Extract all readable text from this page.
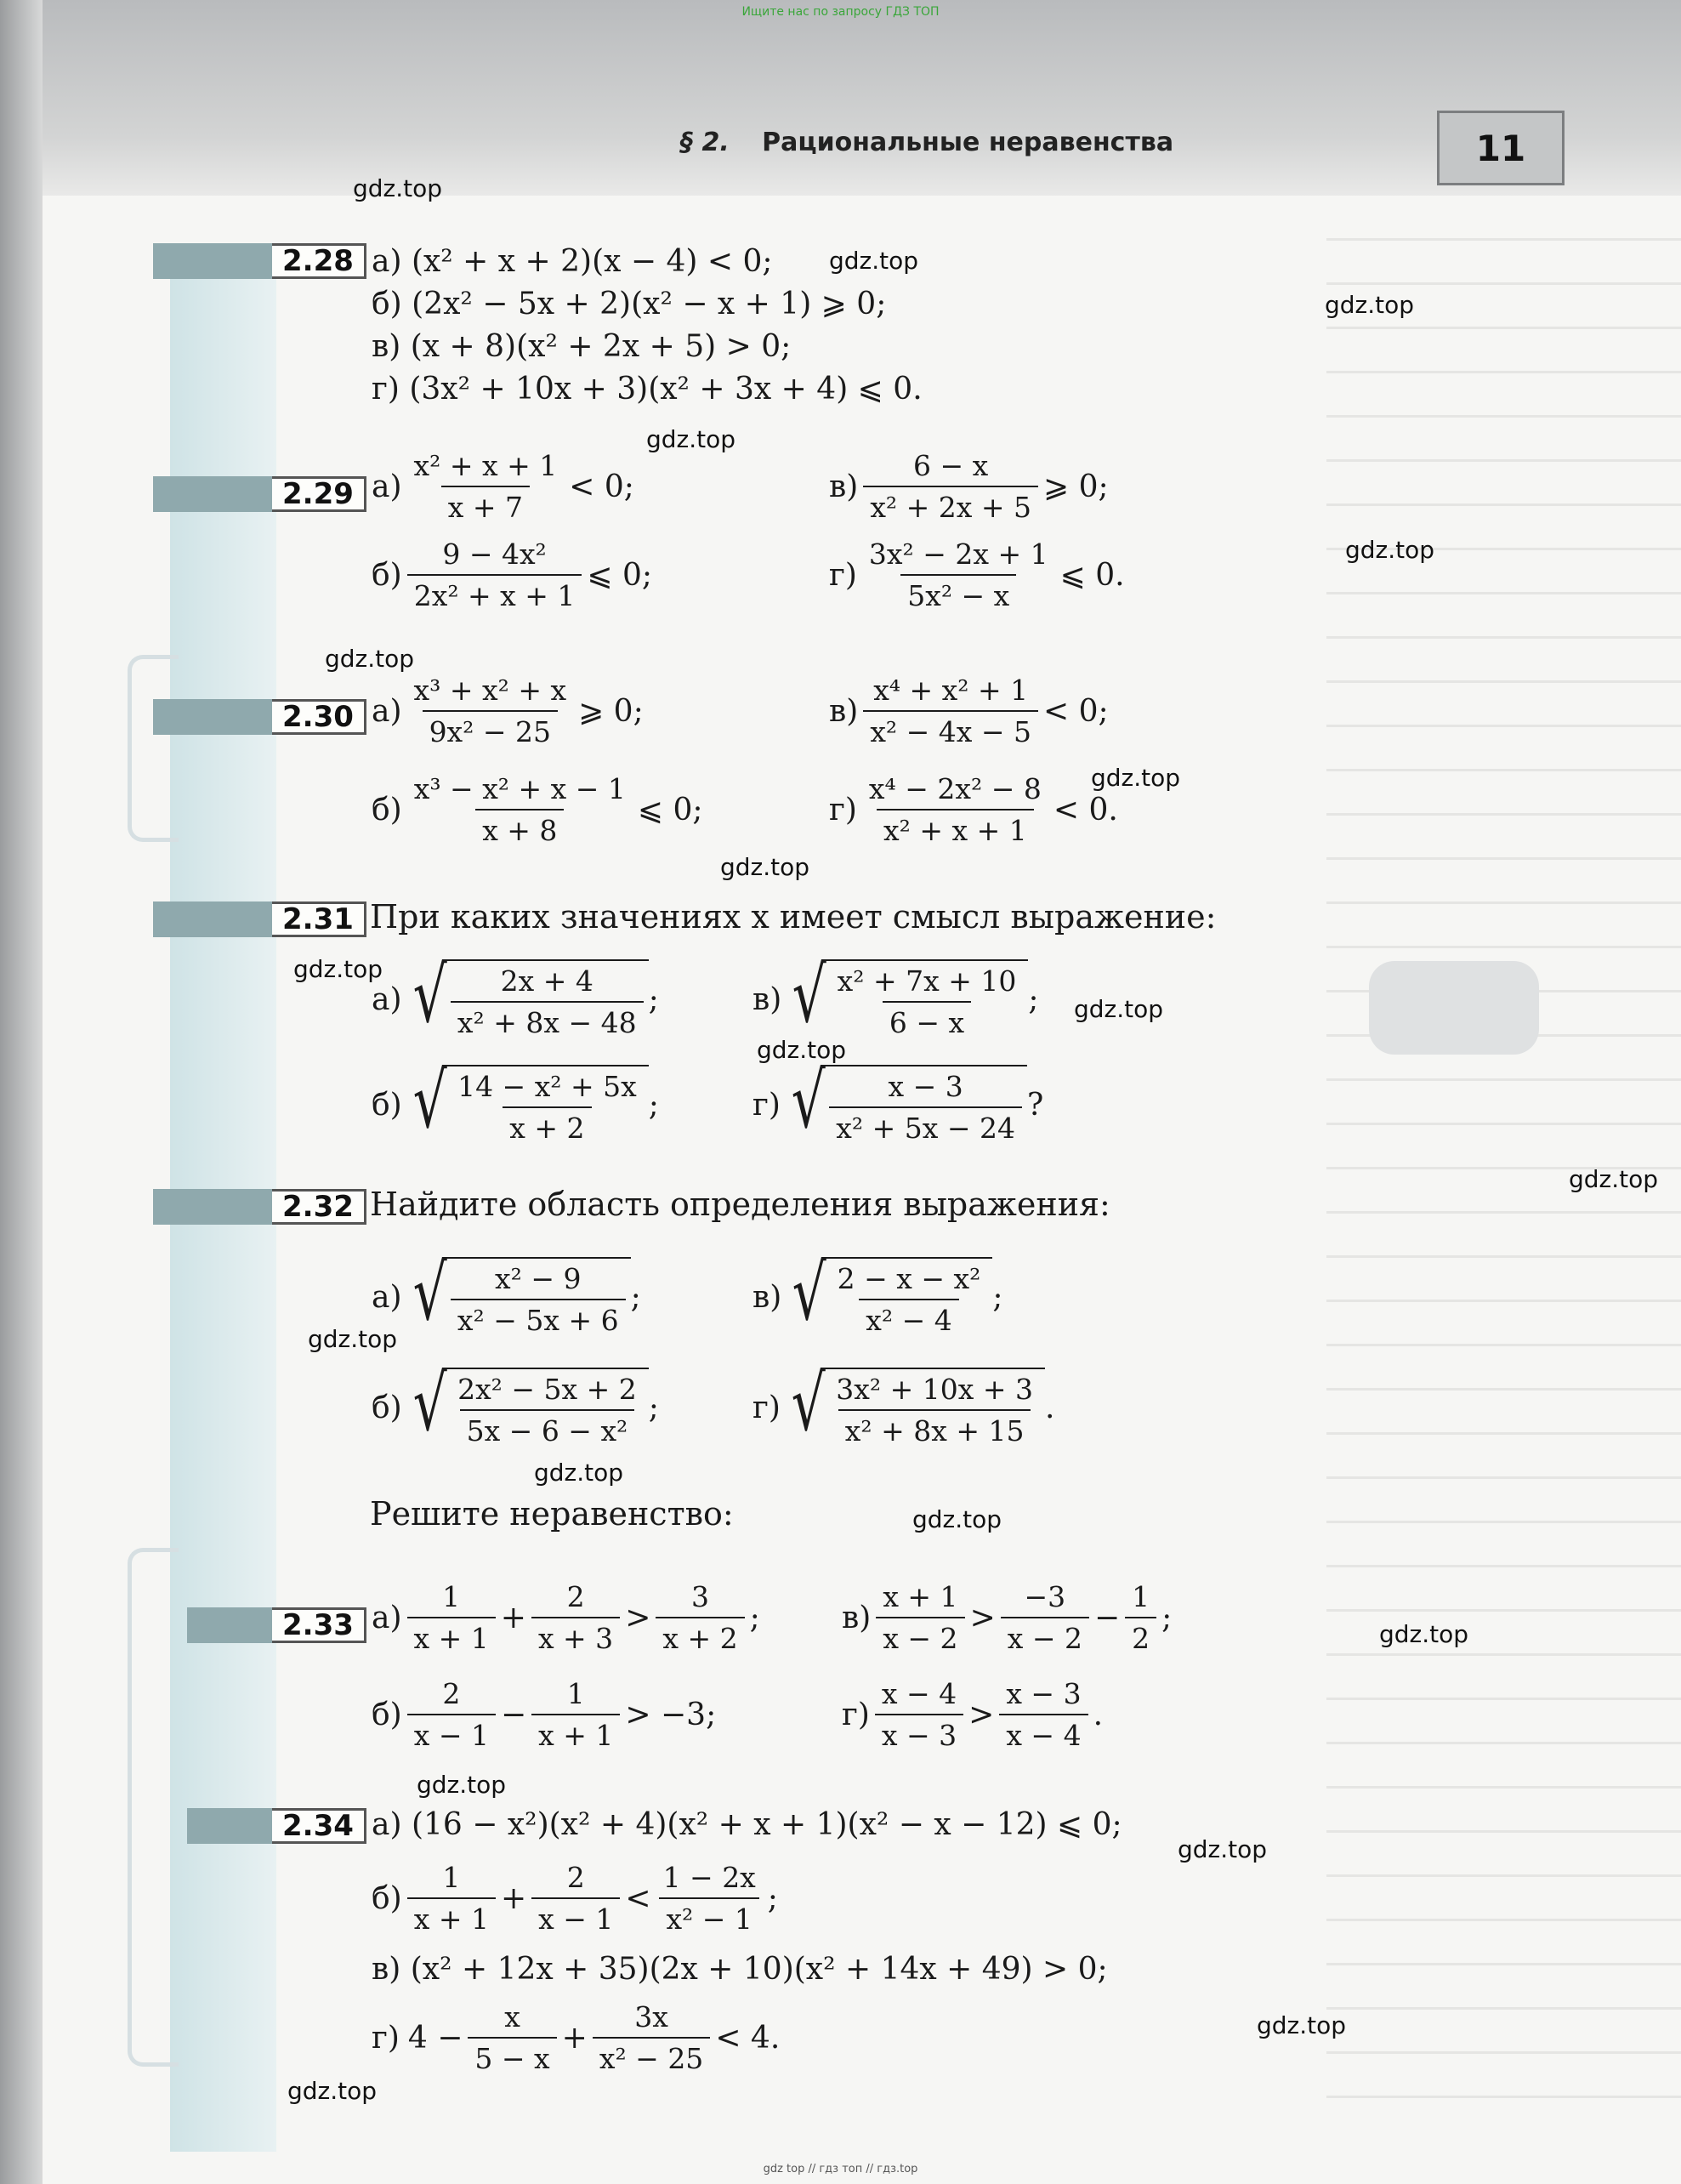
Ищите нас по запросу ГДЗ ТОП
§ 2. Рациональные неравенства	11
gdz.top
gdz.top
gdz.top
gdz.top
gdz.top
gdz.top
gdz.top
gdz.top
gdz.top
gdz.top
gdz.top
gdz.top
gdz.top
gdz.top
gdz.top
gdz.top
gdz.top
gdz.top
gdz.top
gdz.top
2.28 а) (x² + x + 2)(x − 4) < 0;
б) (2x² − 5x + 2)(x² − x + 1) ⩾ 0;
в) (x + 8)(x² + 2x + 5) > 0;
г) (3x² + 10x + 3)(x² + 3x + 4) ⩽ 0.
2.29 $а) \frac{\text{x² + x + 1}}{x + 7} < 0$;	$в) \frac{6 - x}{\text{x² + 2x + 5}}$ ⩾ 0;
$б) \frac{\text{9 − 4x²}}{\text{2x² + x + 1}}$ ⩽ 0;	$г) \frac{\text{3x² − 2x + 1}}{\text{5x² − x}}$ ⩽ 0.
2.30 $а) \frac{\text{x³ + x² + x}}{\text{9x² − 25}}$ ⩾ 0;	$в) \frac{\text{x⁴ + x² + 1}}{\text{x² − 4x − 5}} < 0$;
$б) \frac{\text{x³ − x² + x − 1}}{x + 8}$ ⩽ 0;	$г) \frac{\text{x⁴ − 2x² − 8}}{\text{x² + x + 1}} < 0$.
2.31 При каких значениях x имеет смысл выражение:
а) √ $\frac{2x + 4}{\text{x² + 8x − 48}}$ ;	в) √ $\frac{\text{x² + 7x + 10}}{6 - x}$ ;
б) √ $\frac{\text{14 − x² + 5x}}{x + 2}$ ;	г) √ $\frac{x - 3}{\text{x² + 5x − 24}}$ ?
2.32 Найдите область определения выражения:
а) √ $\frac{\text{x² − 9}}{\text{x² − 5x + 6}}$ ;	в) √ $\frac{\text{2 − x − x²}}{\text{x² − 4}}$ ;
б) √ $\frac{\text{2x² − 5x + 2}}{\text{5x − 6 − x²}}$ ;	г) √ $\frac{\text{3x² + 10x + 3}}{\text{x² + 8x + 15}}$ .
Решите неравенство:
2.33 $а) \frac{1}{x + 1} + \frac{2}{x + 3} > \frac{3}{x + 2}$ ;	$в) \frac{x + 1}{x - 2} > \frac{-3}{x - 2} - \frac{1}{2}$ ;
$б) \frac{2}{x - 1} - \frac{1}{x + 1} > -3$;	$г) \frac{x - 4}{x - 3} > \frac{x - 3}{x - 4}$ .
2.34 а) (16 − x²)(x² + 4)(x² + x + 1)(x² − x − 12) ⩽ 0;
$б) \frac{1}{x + 1} + \frac{2}{x - 1} < \frac{1 - 2x}{\text{x² − 1}}$ ;
в) (x² + 12x + 35)(2x + 10)(x² + 14x + 49) > 0;
г) $4 - \frac{x}{5 - x} + \frac{3x}{\text{x² − 25}} < 4$.
gdz top // гдз топ // гдз.top
